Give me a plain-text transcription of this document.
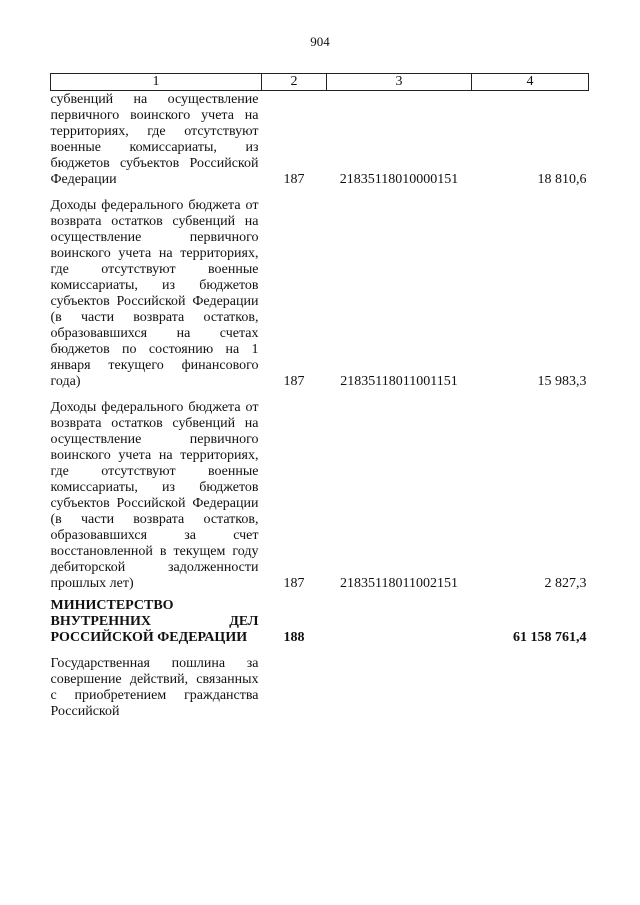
904
1	2	3	4
субвенций на осуществление первичного воинского учета на территориях, где отсутствуют военные комиссариаты, из бюджетов субъектов Российской Федерации	187	21835118010000151	18 810,6
Доходы федерального бюджета от возврата остатков субвенций на осуществление первичного воинского учета на территориях, где отсутствуют военные комиссариаты, из бюджетов субъектов Российской Федерации (в части возврата остатков, образовавшихся на счетах бюджетов по состоянию на 1 января текущего финансового года)	187	21835118011001151	15 983,3
Доходы федерального бюджета от возврата остатков субвенций на осуществление первичного воинского учета на территориях, где отсутствуют военные комиссариаты, из бюджетов субъектов Российской Федерации (в части возврата остатков, образовавшихся за счет восстановленной в текущем году дебиторской задолженности прошлых лет)	187	21835118011002151	2 827,3
МИНИСТЕРСТВО ВНУТРЕННИХ ДЕЛ РОССИЙСКОЙ ФЕДЕРАЦИИ	188		61 158 761,4
Государственная пошлина за совершение действий, связанных с приобретением гражданства Российской			
